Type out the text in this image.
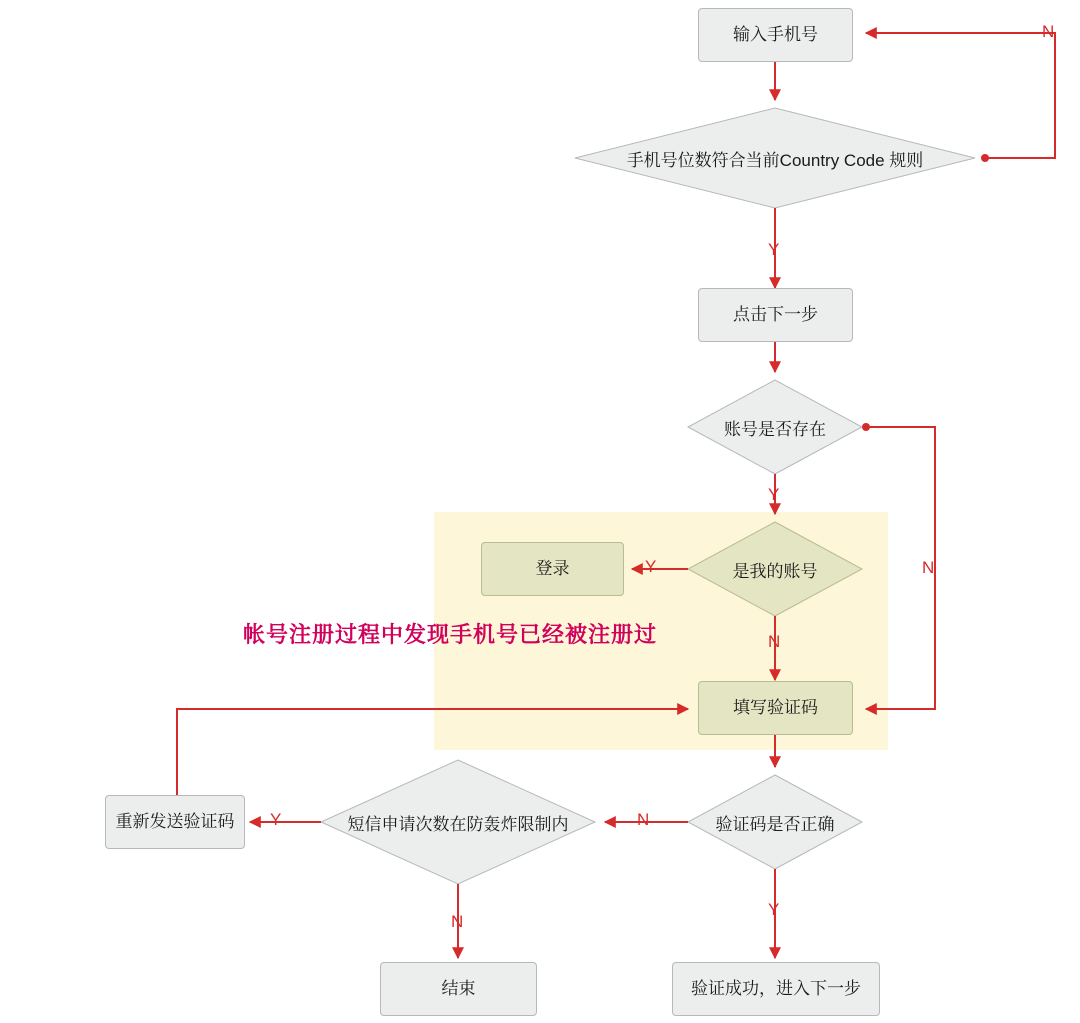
输入手机号
点击下一步
登录
填写验证码
重新发送验证码
结束	验证成功，进入下一步
手机号位数符合当前Country Code 规则
账号是否存在
是我的账号
验证码是否正确
短信申请次数在防轰炸限制内
N
Y
Y
N
Y
N
N
Y
Y
N
帐号注册过程中发现手机号已经被注册过
